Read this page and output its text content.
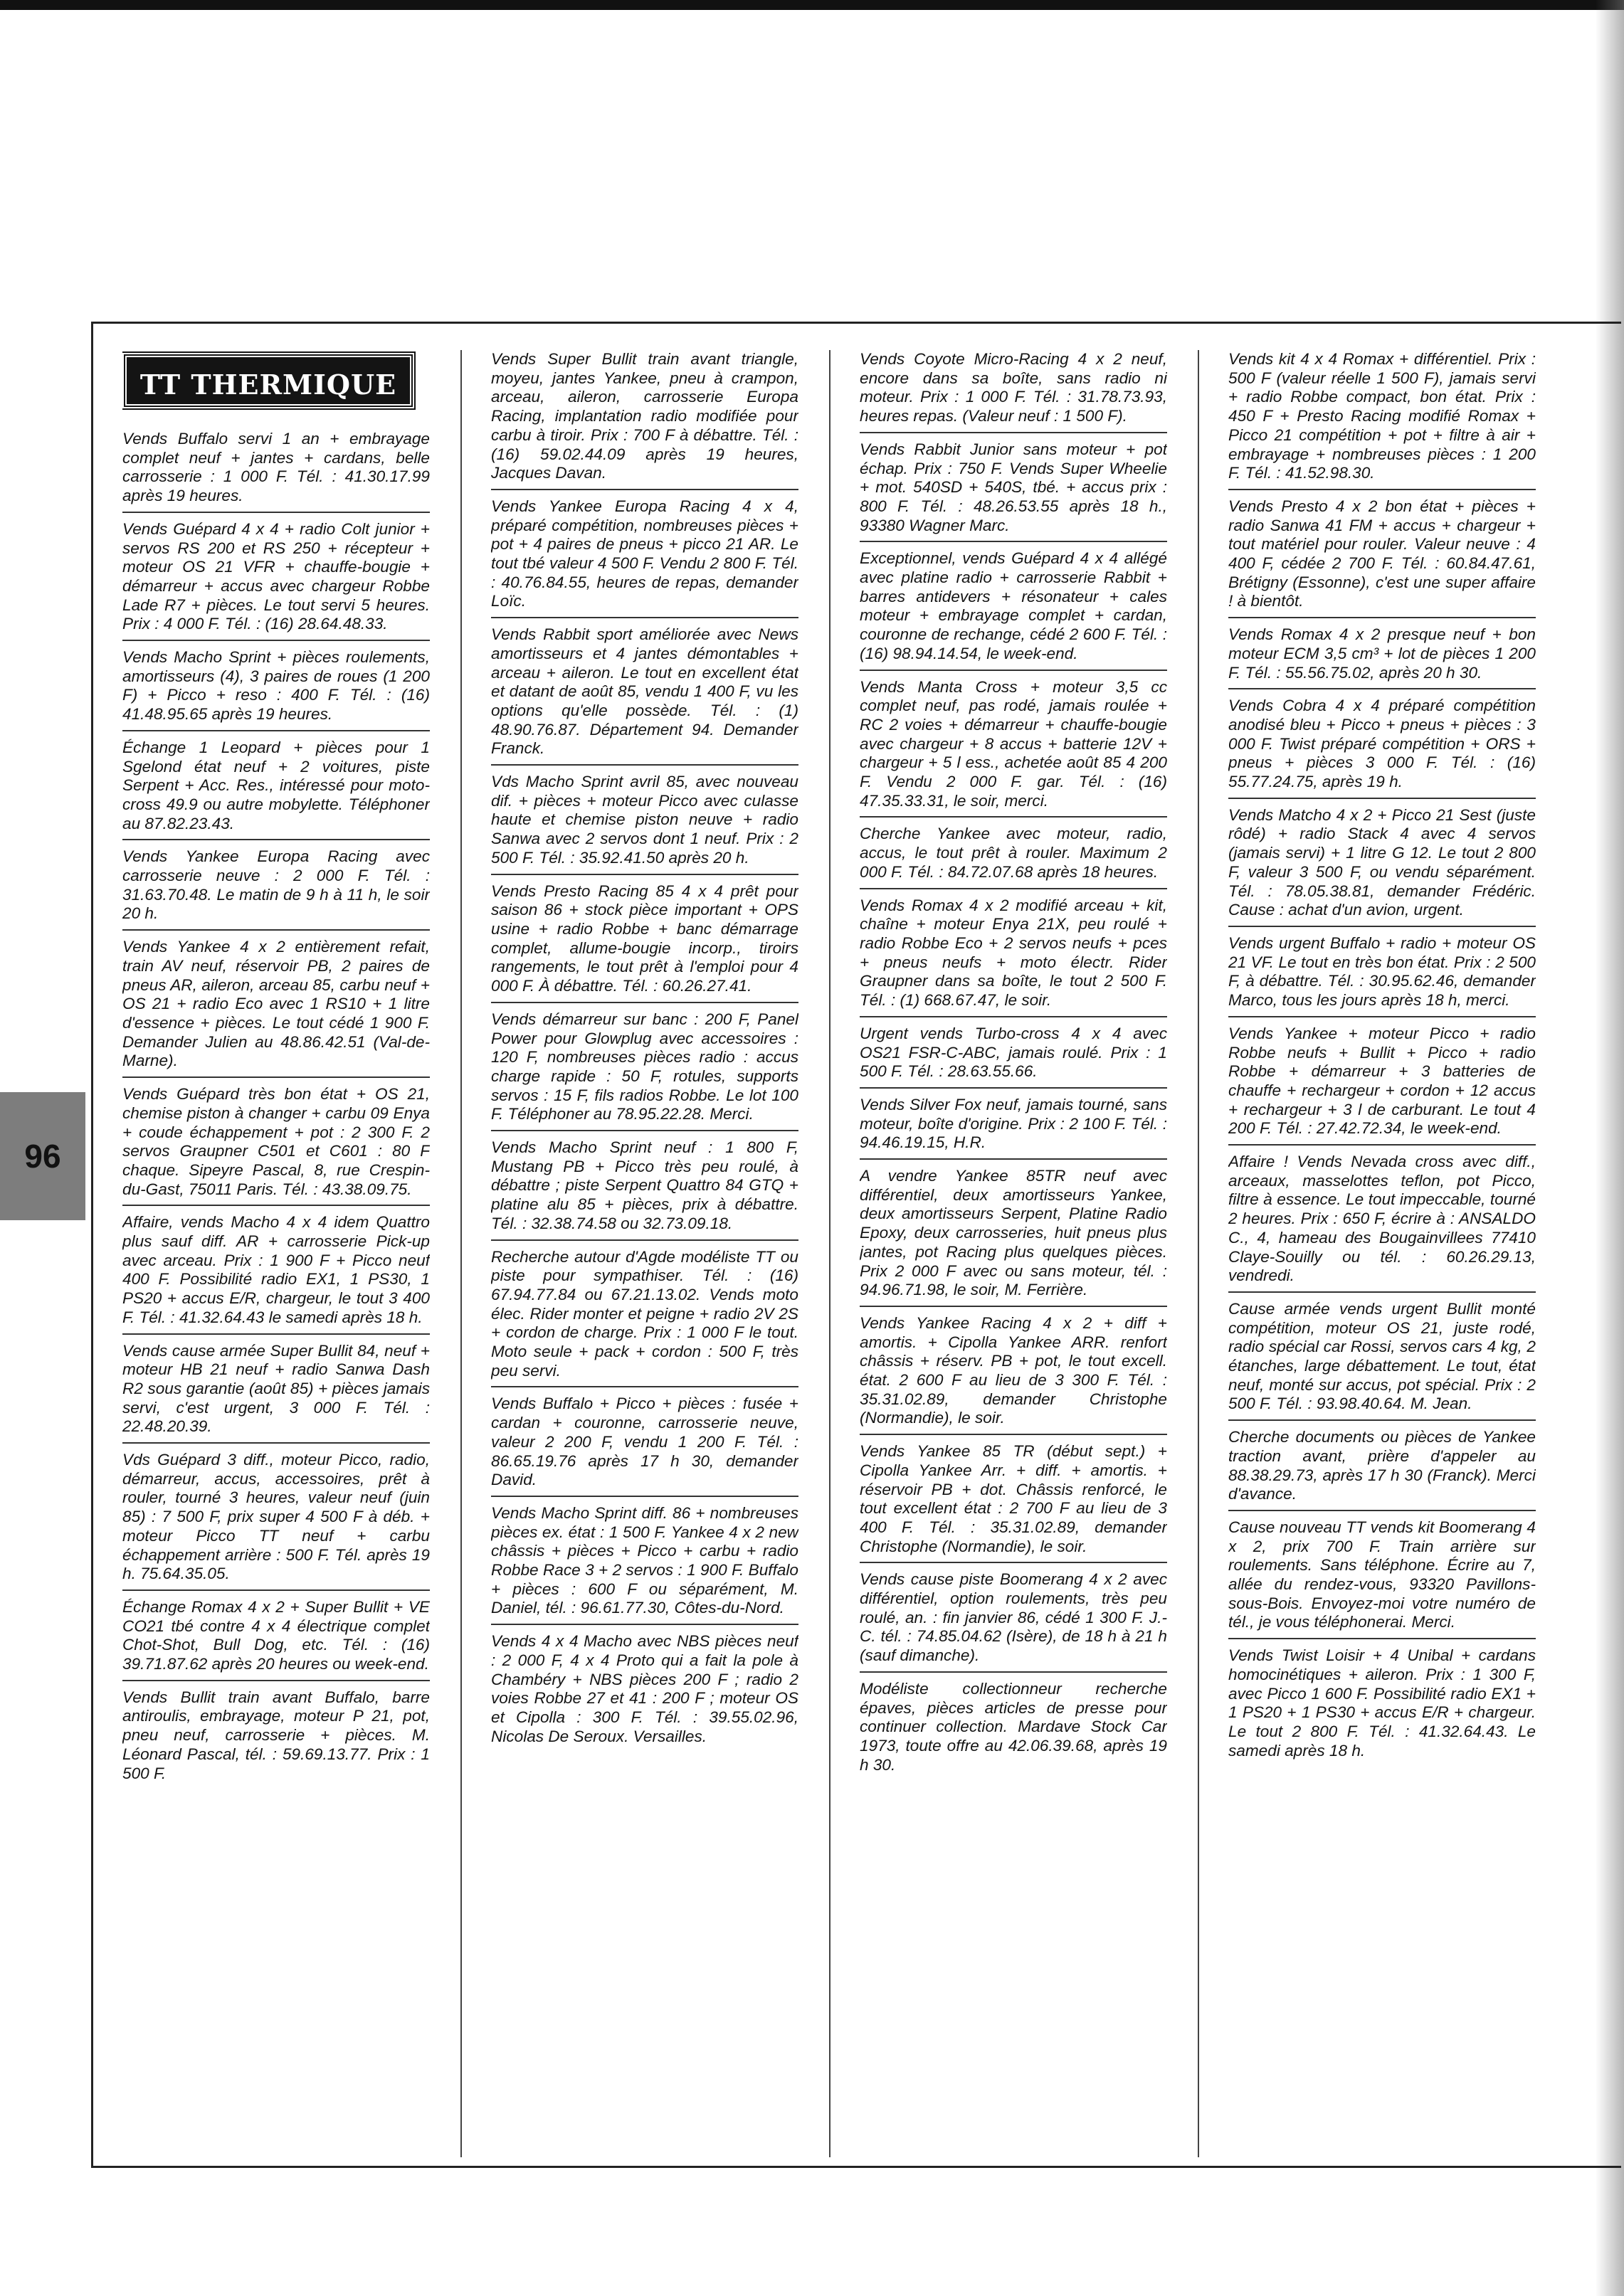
96
TT THERMIQUE

Vends Buffalo servi 1 an + embrayage complet neuf + jantes + cardans, belle carrosserie : 1 000 F. Tél. : 41.30.17.99 après 19 heures.

Vends Guépard 4 x 4 + radio Colt junior + servos RS 200 et RS 250 + récepteur + moteur OS 21 VFR + chauffe-bougie + démarreur + accus avec chargeur Robbe Lade R7 + pièces. Le tout servi 5 heures. Prix : 4 000 F. Tél. : (16) 28.64.48.33.

Vends Macho Sprint + pièces roulements, amortisseurs (4), 3 paires de roues (1 200 F) + Picco + reso : 400 F. Tél. : (16) 41.48.95.65 après 19 heures.

Échange 1 Leopard + pièces pour 1 Sgelond état neuf + 2 voitures, piste Serpent + Acc. Res., intéressé pour moto-cross 49.9 ou autre mobylette. Téléphoner au 87.82.23.43.

Vends Yankee Europa Racing avec carrosserie neuve : 2 000 F. Tél. : 31.63.70.48. Le matin de 9 h à 11 h, le soir 20 h.

Vends Yankee 4 x 2 entièrement refait, train AV neuf, réservoir PB, 2 paires de pneus AR, aileron, arceau 85, carbu neuf + OS 21 + radio Eco avec 1 RS10 + 1 litre d'essence + pièces. Le tout cédé 1 900 F. Demander Julien au 48.86.42.51 (Val-de-Marne).

Vends Guépard très bon état + OS 21, chemise piston à changer + carbu 09 Enya + coude échappement + pot : 2 300 F. 2 servos Graupner C501 et C601 : 80 F chaque. Sipeyre Pascal, 8, rue Crespin-du-Gast, 75011 Paris. Tél. : 43.38.09.75.

Affaire, vends Macho 4 x 4 idem Quattro plus sauf diff. AR + carrosserie Pick-up avec arceau. Prix : 1 900 F + Picco neuf 400 F. Possibilité radio EX1, 1 PS30, 1 PS20 + accus E/R, chargeur, le tout 3 400 F. Tél. : 41.32.64.43 le samedi après 18 h.

Vends cause armée Super Bullit 84, neuf + moteur HB 21 neuf + radio Sanwa Dash R2 sous garantie (août 85) + pièces jamais servi, c'est urgent, 3 000 F. Tél. : 22.48.20.39.

Vds Guépard 3 diff., moteur Picco, radio, démarreur, accus, accessoires, prêt à rouler, tourné 3 heures, valeur neuf (juin 85) : 7 500 F, prix super 4 500 F à déb. + moteur Picco TT neuf + carbu échappement arrière : 500 F. Tél. après 19 h. 75.64.35.05.

Échange Romax 4 x 2 + Super Bullit + VE CO21 tbé contre 4 x 4 électrique complet Chot-Shot, Bull Dog, etc. Tél. : (16) 39.71.87.62 après 20 heures ou week-end.

Vends Bullit train avant Buffalo, barre antiroulis, embrayage, moteur P 21, pot, pneu neuf, carrosserie + pièces. M. Léonard Pascal, tél. : 59.69.13.77. Prix : 1 500 F.

Vends Super Bullit train avant triangle, moyeu, jantes Yankee, pneu à crampon, arceau, aileron, carrosserie Europa Racing, implantation radio modifiée pour carbu à tiroir. Prix : 700 F à débattre. Tél. : (16) 59.02.44.09 après 19 heures, Jacques Davan.

Vends Yankee Europa Racing 4 x 4, préparé compétition, nombreuses pièces + pot + 4 paires de pneus + picco 21 AR. Le tout tbé valeur 4 500 F. Vendu 2 800 F. Tél. : 40.76.84.55, heures de repas, demander Loïc.

Vends Rabbit sport améliorée avec News amortisseurs et 4 jantes démontables + arceau + aileron. Le tout en excellent état et datant de août 85, vendu 1 400 F, vu les options qu'elle possède. Tél. : (1) 48.90.76.87. Département 94. Demander Franck.

Vds Macho Sprint avril 85, avec nouveau dif. + pièces + moteur Picco avec culasse haute et chemise piston neuve + radio Sanwa avec 2 servos dont 1 neuf. Prix : 2 500 F. Tél. : 35.92.41.50 après 20 h.

Vends Presto Racing 85 4 x 4 prêt pour saison 86 + stock pièce important + OPS usine + radio Robbe + banc démarrage complet, allume-bougie incorp., tiroirs rangements, le tout prêt à l'emploi pour 4 000 F. À débattre. Tél. : 60.26.27.41.

Vends démarreur sur banc : 200 F, Panel Power pour Glowplug avec accessoires : 120 F, nombreuses pièces radio : accus charge rapide : 50 F, rotules, supports servos : 15 F, fils radios Robbe. Le lot 100 F. Téléphoner au 78.95.22.28. Merci.

Vends Macho Sprint neuf : 1 800 F, Mustang PB + Picco très peu roulé, à débattre ; piste Serpent Quattro 84 GTQ + platine alu 85 + pièces, prix à débattre. Tél. : 32.38.74.58 ou 32.73.09.18.

Recherche autour d'Agde modéliste TT ou piste pour sympathiser. Tél. : (16) 67.94.77.84 ou 67.21.13.02. Vends moto élec. Rider monter et peigne + radio 2V 2S + cordon de charge. Prix : 1 000 F le tout. Moto seule + pack + cordon : 500 F, très peu servi.

Vends Buffalo + Picco + pièces : fusée + cardan + couronne, carrosserie neuve, valeur 2 200 F, vendu 1 200 F. Tél. : 86.65.19.76 après 17 h 30, demander David.

Vends Macho Sprint diff. 86 + nombreuses pièces ex. état : 1 500 F. Yankee 4 x 2 new châssis + pièces + Picco + carbu + radio Robbe Race 3 + 2 servos : 1 900 F. Buffalo + pièces : 600 F ou séparément, M. Daniel, tél. : 96.61.77.30, Côtes-du-Nord.

Vends 4 x 4 Macho avec NBS pièces neuf : 2 000 F, 4 x 4 Proto qui a fait la pole à Chambéry + NBS pièces 200 F ; radio 2 voies Robbe 27 et 41 : 200 F ; moteur OS et Cipolla : 300 F. Tél. : 39.55.02.96, Nicolas De Seroux. Versailles.

Vends Coyote Micro-Racing 4 x 2 neuf, encore dans sa boîte, sans radio ni moteur. Prix : 1 000 F. Tél. : 31.78.73.93, heures repas. (Valeur neuf : 1 500 F).

Vends Rabbit Junior sans moteur + pot échap. Prix : 750 F. Vends Super Wheelie + mot. 540SD + 540S, tbé. + accus prix : 800 F. Tél. : 48.26.53.55 après 18 h., 93380 Wagner Marc.

Exceptionnel, vends Guépard 4 x 4 allégé avec platine radio + carrosserie Rabbit + barres antidevers + résonateur + cales moteur + embrayage complet + cardan, couronne de rechange, cédé 2 600 F. Tél. : (16) 98.94.14.54, le week-end.

Vends Manta Cross + moteur 3,5 cc complet neuf, pas rodé, jamais roulée + RC 2 voies + démarreur + chauffe-bougie avec chargeur + 8 accus + batterie 12V + chargeur + 5 l ess., achetée août 85 4 200 F. Vendu 2 000 F. gar. Tél. : (16) 47.35.33.31, le soir, merci.

Cherche Yankee avec moteur, radio, accus, le tout prêt à rouler. Maximum 2 000 F. Tél. : 84.72.07.68 après 18 heures.

Vends Romax 4 x 2 modifié arceau + kit, chaîne + moteur Enya 21X, peu roulé + radio Robbe Eco + 2 servos neufs + pces + pneus neufs + moto électr. Rider Graupner dans sa boîte, le tout 2 500 F. Tél. : (1) 668.67.47, le soir.

Urgent vends Turbo-cross 4 x 4 avec OS21 FSR-C-ABC, jamais roulé. Prix : 1 500 F. Tél. : 28.63.55.66.

Vends Silver Fox neuf, jamais tourné, sans moteur, boîte d'origine. Prix : 2 100 F. Tél. : 94.46.19.15, H.R.

A vendre Yankee 85TR neuf avec différentiel, deux amortisseurs Yankee, deux amortisseurs Serpent, Platine Radio Epoxy, deux carrosseries, huit pneus plus jantes, pot Racing plus quelques pièces. Prix 2 000 F avec ou sans moteur, tél. : 94.96.71.98, le soir, M. Ferrière.

Vends Yankee Racing 4 x 2 + diff + amortis. + Cipolla Yankee ARR. renfort châssis + réserv. PB + pot, le tout excell. état. 2 600 F au lieu de 3 300 F. Tél. : 35.31.02.89, demander Christophe (Normandie), le soir.

Vends Yankee 85 TR (début sept.) + Cipolla Yankee Arr. + diff. + amortis. + réservoir PB + dot. Châssis renforcé, le tout excellent état : 2 700 F au lieu de 3 400 F. Tél. : 35.31.02.89, demander Christophe (Normandie), le soir.

Vends cause piste Boomerang 4 x 2 avec différentiel, option roulements, très peu roulé, an. : fin janvier 86, cédé 1 300 F. J.-C. tél. : 74.85.04.62 (Isère), de 18 h à 21 h (sauf dimanche).

Modéliste collectionneur recherche épaves, pièces articles de presse pour continuer collection. Mardave Stock Car 1973, toute offre au 42.06.39.68, après 19 h 30.

Vends kit 4 x 4 Romax + différentiel. Prix : 500 F (valeur réelle 1 500 F), jamais servi + radio Robbe compact, bon état. Prix : 450 F + Presto Racing modifié Romax + Picco 21 compétition + pot + filtre à air + embrayage + nombreuses pièces : 1 200 F. Tél. : 41.52.98.30.

Vends Presto 4 x 2 bon état + pièces + radio Sanwa 41 FM + accus + chargeur + tout matériel pour rouler. Valeur neuve : 4 400 F, cédée 2 700 F. Tél. : 60.84.47.61, Brétigny (Essonne), c'est une super affaire ! à bientôt.

Vends Romax 4 x 2 presque neuf + bon moteur ECM 3,5 cm³ + lot de pièces 1 200 F. Tél. : 55.56.75.02, après 20 h 30.

Vends Cobra 4 x 4 préparé compétition anodisé bleu + Picco + pneus + pièces : 3 000 F. Twist préparé compétition + ORS + pneus + pièces 3 000 F. Tél. : (16) 55.77.24.75, après 19 h.

Vends Matcho 4 x 2 + Picco 21 Sest (juste rôdé) + radio Stack 4 avec 4 servos (jamais servi) + 1 litre G 12. Le tout 2 800 F, valeur 3 500 F, ou vendu séparément. Tél. : 78.05.38.81, demander Frédéric. Cause : achat d'un avion, urgent.

Vends urgent Buffalo + radio + moteur OS 21 VF. Le tout en très bon état. Prix : 2 500 F, à débattre. Tél. : 30.95.62.46, demander Marco, tous les jours après 18 h, merci.

Vends Yankee + moteur Picco + radio Robbe neufs + Bullit + Picco + radio Robbe + démarreur + 3 batteries de chauffe + rechargeur + cordon + 12 accus + rechargeur + 3 l de carburant. Le tout 4 200 F. Tél. : 27.42.72.34, le week-end.

Affaire ! Vends Nevada cross avec diff., arceaux, masselottes teflon, pot Picco, filtre à essence. Le tout impeccable, tourné 2 heures. Prix : 650 F, écrire à : ANSALDO C., 4, hameau des Bougainvillees 77410 Claye-Souilly ou tél. : 60.26.29.13, vendredi.

Cause armée vends urgent Bullit monté compétition, moteur OS 21, juste rodé, radio spécial car Rossi, servos cars 4 kg, 2 étanches, large débattement. Le tout, état neuf, monté sur accus, pot spécial. Prix : 2 500 F. Tél. : 93.98.40.64. M. Jean.

Cherche documents ou pièces de Yankee traction avant, prière d'appeler au 88.38.29.73, après 17 h 30 (Franck). Merci d'avance.

Cause nouveau TT vends kit Boomerang 4 x 2, prix 700 F. Train arrière sur roulements. Sans téléphone. Écrire au 7, allée du rendez-vous, 93320 Pavillons-sous-Bois. Envoyez-moi votre numéro de tél., je vous téléphonerai. Merci.

Vends Twist Loisir + 4 Unibal + cardans homocinétiques + aileron. Prix : 1 300 F, avec Picco 1 600 F. Possibilité radio EX1 + 1 PS20 + 1 PS30 + accus E/R + chargeur. Le tout 2 800 F. Tél. : 41.32.64.43. Le samedi après 18 h.
